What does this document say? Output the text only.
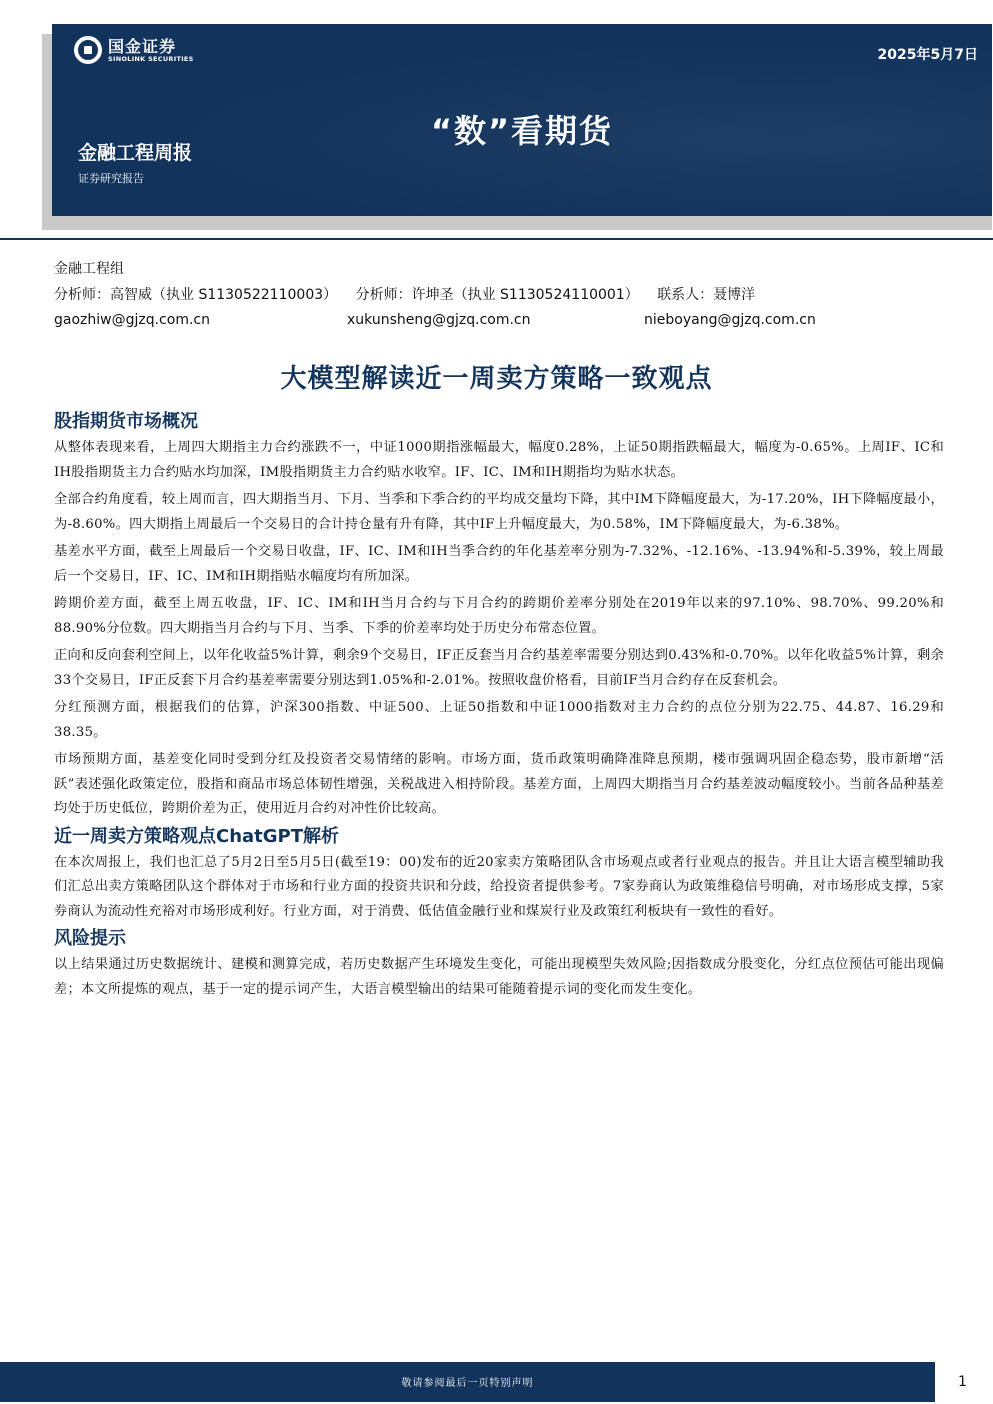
国金证券
SINOLINK SECURITIES	2025年5月7日
“数”看期货
金融工程周报
证券研究报告
金融工程组
分析师：高智威（执业 S1130522110003） 分析师：许坤圣（执业 S1130524110001） 联系人：聂博洋
gaozhiw@gjzq.com.cn	xukunsheng@gjzq.com.cn	nieboyang@gjzq.com.cn
大模型解读近一周卖方策略一致观点
股指期货市场概况

从整体表现来看，上周四大期指主力合约涨跌不一，中证1000期指涨幅最大，幅度0.28%，上证50期指跌幅最大，幅度为-0.65%。上周IF、IC和IH股指期货主力合约贴水均加深，IM股指期货主力合约贴水收窄。IF、IC、IM和IH期指均为贴水状态。

全部合约角度看，较上周而言，四大期指当月、下月、当季和下季合约的平均成交量均下降，其中IM下降幅度最大，为-17.20%，IH下降幅度最小，为-8.60%。四大期指上周最后一个交易日的合计持仓量有升有降，其中IF上升幅度最大，为0.58%，IM下降幅度最大，为-6.38%。

基差水平方面，截至上周最后一个交易日收盘，IF、IC、IM和IH当季合约的年化基差率分别为-7.32%、-12.16%、-13.94%和-5.39%，较上周最后一个交易日，IF、IC、IM和IH期指贴水幅度均有所加深。

跨期价差方面，截至上周五收盘，IF、IC、IM和IH当月合约与下月合约的跨期价差率分别处在2019年以来的97.10%、98.70%、99.20%和88.90%分位数。四大期指当月合约与下月、当季、下季的价差率均处于历史分布常态位置。

正向和反向套利空间上，以年化收益5%计算，剩余9个交易日，IF正反套当月合约基差率需要分别达到0.43%和-0.70%。以年化收益5%计算，剩余33个交易日，IF正反套下月合约基差率需要分别达到1.05%和-2.01%。按照收盘价格看，目前IF当月合约存在反套机会。

分红预测方面，根据我们的估算，沪深300指数、中证500、上证50指数和中证1000指数对主力合约的点位分别为22.75、44.87、16.29和38.35。

市场预期方面，基差变化同时受到分红及投资者交易情绪的影响。市场方面，货币政策明确降准降息预期，楼市强调巩固企稳态势，股市新增“活跃”表述强化政策定位，股指和商品市场总体韧性增强，关税战进入相持阶段。基差方面，上周四大期指当月合约基差波动幅度较小。当前各品种基差均处于历史低位，跨期价差为正，使用近月合约对冲性价比较高。

近一周卖方策略观点ChatGPT解析

在本次周报上，我们也汇总了5月2日至5月5日(截至19：00)发布的近20家卖方策略团队含市场观点或者行业观点的报告。并且让大语言模型辅助我们汇总出卖方策略团队这个群体对于市场和行业方面的投资共识和分歧，给投资者提供参考。7家券商认为政策维稳信号明确，对市场形成支撑，5家券商认为流动性充裕对市场形成利好。行业方面，对于消费、低估值金融行业和煤炭行业及政策红利板块有一致性的看好。

风险提示

以上结果通过历史数据统计、建模和测算完成，若历史数据产生环境发生变化，可能出现模型失效风险;因指数成分股变化，分红点位预估可能出现偏差；本文所提炼的观点，基于一定的提示词产生，大语言模型输出的结果可能随着提示词的变化而发生变化。

敬请参阅最后一页特别声明	1
